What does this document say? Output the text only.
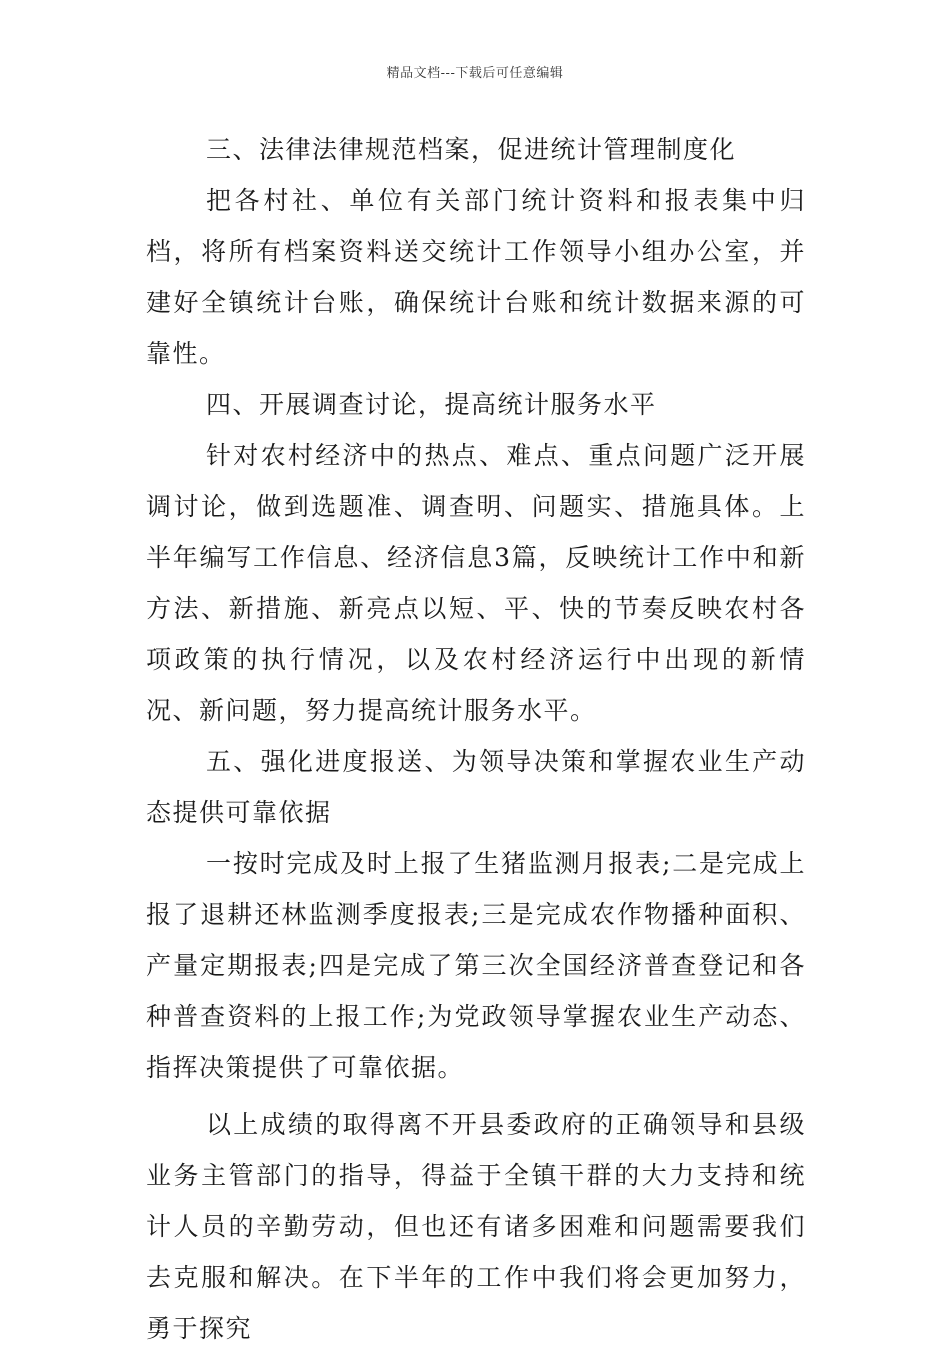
精品文档---下载后可任意编辑

三、法律法律规范档案，促进统计管理制度化

把各村社、单位有关部门统计资料和报表集中归档，将所有档案资料送交统计工作领导小组办公室，并建好全镇统计台账，确保统计台账和统计数据来源的可靠性。

四、开展调查讨论，提高统计服务水平

针对农村经济中的热点、难点、重点问题广泛开展调讨论，做到选题准、调查明、问题实、措施具体。上半年编写工作信息、经济信息3篇，反映统计工作中和新方法、新措施、新亮点以短、平、快的节奏反映农村各项政策的执行情况，以及农村经济运行中出现的新情况、新问题，努力提高统计服务水平。

五、强化进度报送、为领导决策和掌握农业生产动态提供可靠依据

一按时完成及时上报了生猪监测月报表;二是完成上报了退耕还林监测季度报表;三是完成农作物播种面积、产量定期报表;四是完成了第三次全国经济普查登记和各种普查资料的上报工作;为党政领导掌握农业生产动态、指挥决策提供了可靠依据。

以上成绩的取得离不开县委政府的正确领导和县级业务主管部门的指导，得益于全镇干群的大力支持和统计人员的辛勤劳动，但也还有诸多困难和问题需要我们去克服和解决。在下半年的工作中我们将会更加努力，勇于探究
